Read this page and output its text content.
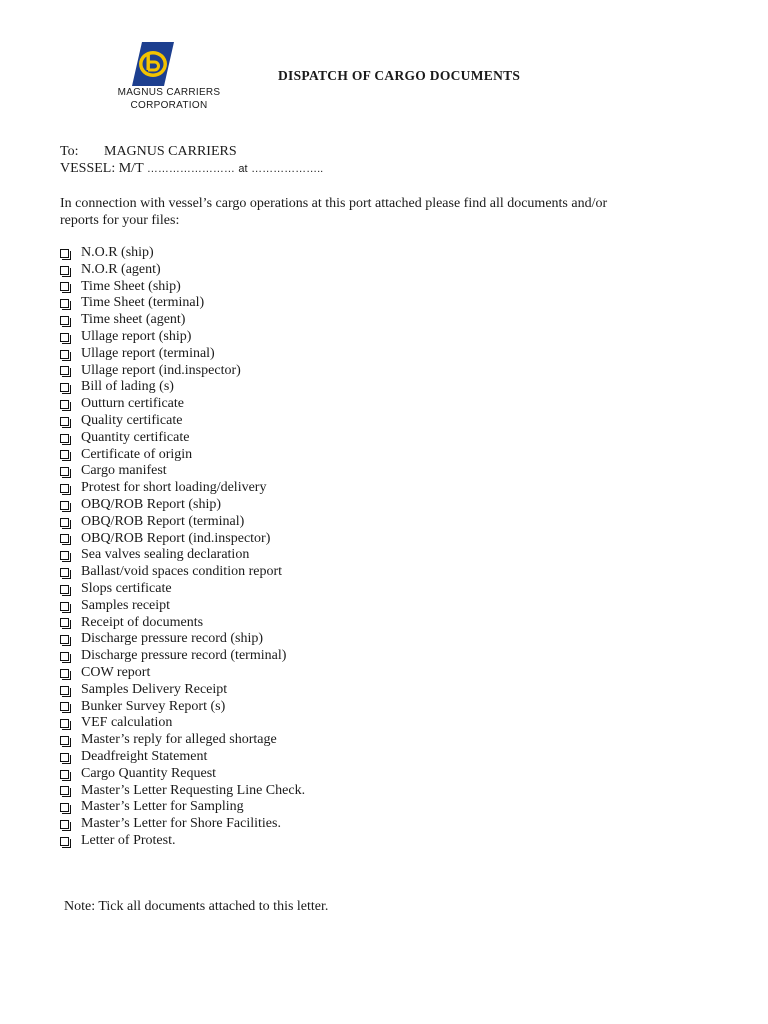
MAGNUS CARRIERS
CORPORATION
DISPATCH OF CARGO DOCUMENTS
To: MAGNUS CARRIERS
VESSEL: M/T …………………… at ………………..
In connection with vessel’s cargo operations at this port attached please find all documents and/or reports for your files:
N.O.R (ship)
N.O.R (agent)
Time Sheet (ship)
Time Sheet (terminal)
Time sheet (agent)
Ullage report (ship)
Ullage report (terminal)
Ullage report (ind.inspector)
Bill of lading (s)
Outturn certificate
Quality certificate
Quantity certificate
Certificate of origin
Cargo manifest
Protest for short loading/delivery
OBQ/ROB Report (ship)
OBQ/ROB Report (terminal)
OBQ/ROB Report (ind.inspector)
Sea valves sealing declaration
Ballast/void spaces condition report
Slops certificate
Samples receipt
Receipt of documents
Discharge pressure record (ship)
Discharge pressure record (terminal)
COW report
Samples Delivery Receipt
Bunker Survey Report (s)
VEF calculation
Master’s reply for alleged shortage
Deadfreight Statement
Cargo Quantity Request
Master’s Letter Requesting Line Check.
Master’s Letter for Sampling
Master’s Letter for Shore Facilities.
Letter of Protest.
Note: Tick all documents attached to this letter.
